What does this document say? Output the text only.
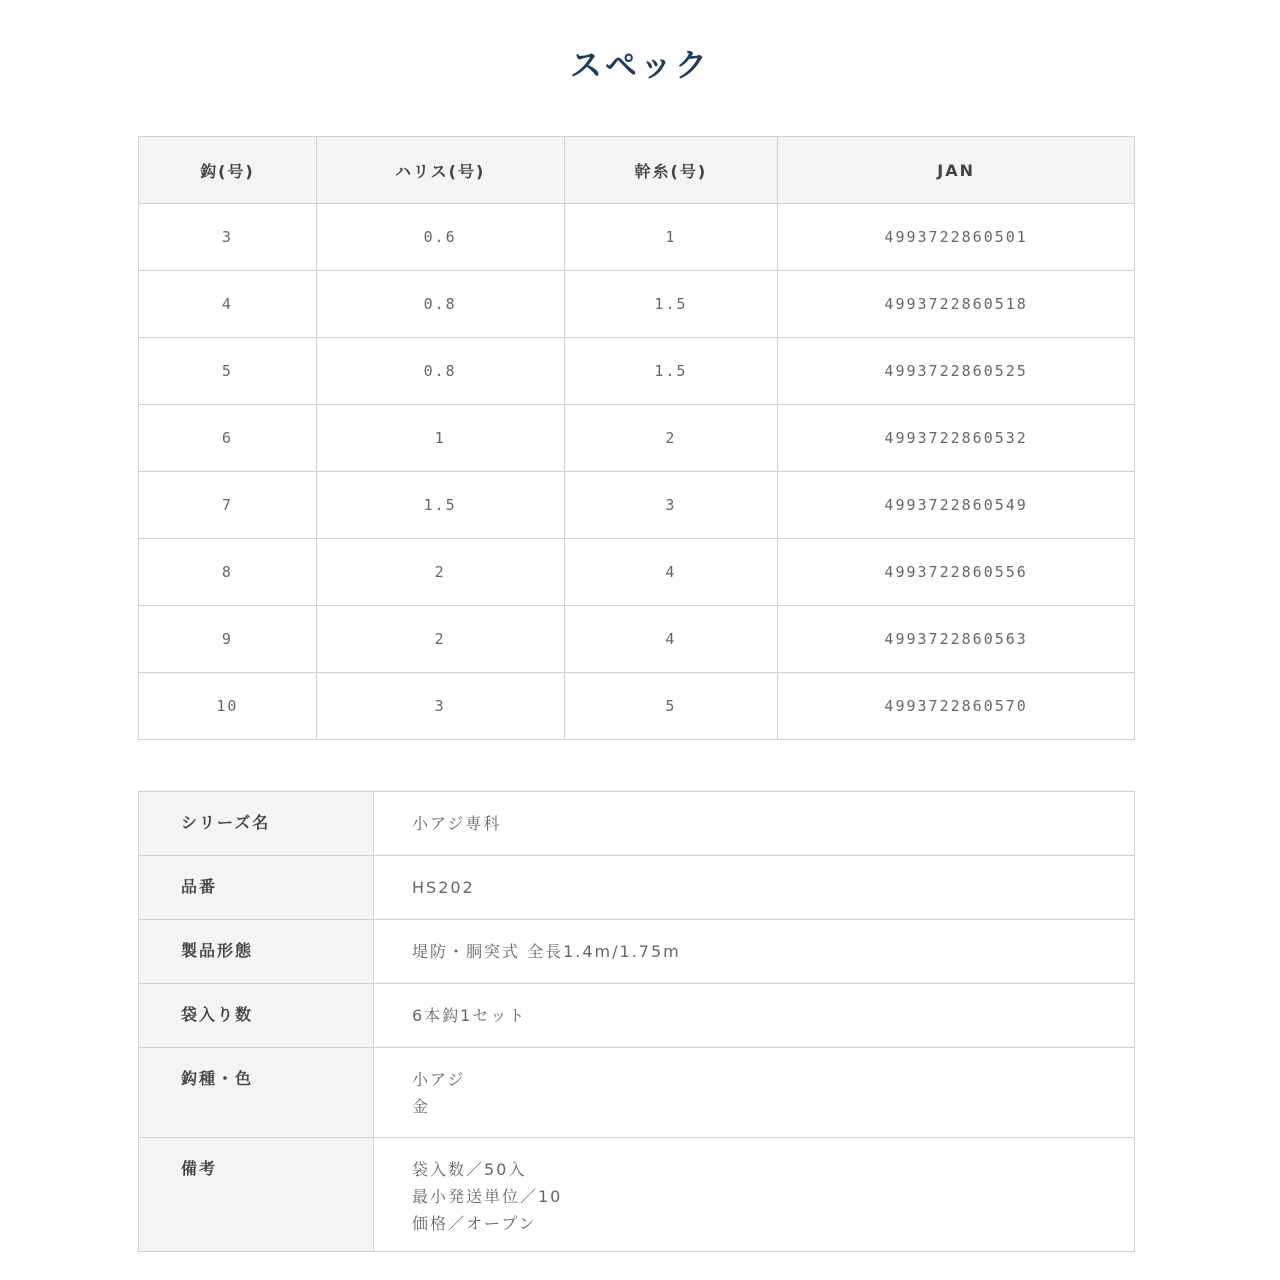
スペック
鈎(号)	ハリス(号)	幹糸(号)	JAN
3	0.6	1	4993722860501
4	0.8	1.5	4993722860518
5	0.8	1.5	4993722860525
6	1	2	4993722860532
7	1.5	3	4993722860549
8	2	4	4993722860556
9	2	4	4993722860563
10	3	5	4993722860570
シリーズ名	小アジ専科

品番	HS202

製品形態	堤防・胴突式 全長1.4m/1.75m

袋入り数	6本鈎1セット

鈎種・色	小アジ
金

備考	袋入数／50入
最小発送単位／10
価格／オープン
